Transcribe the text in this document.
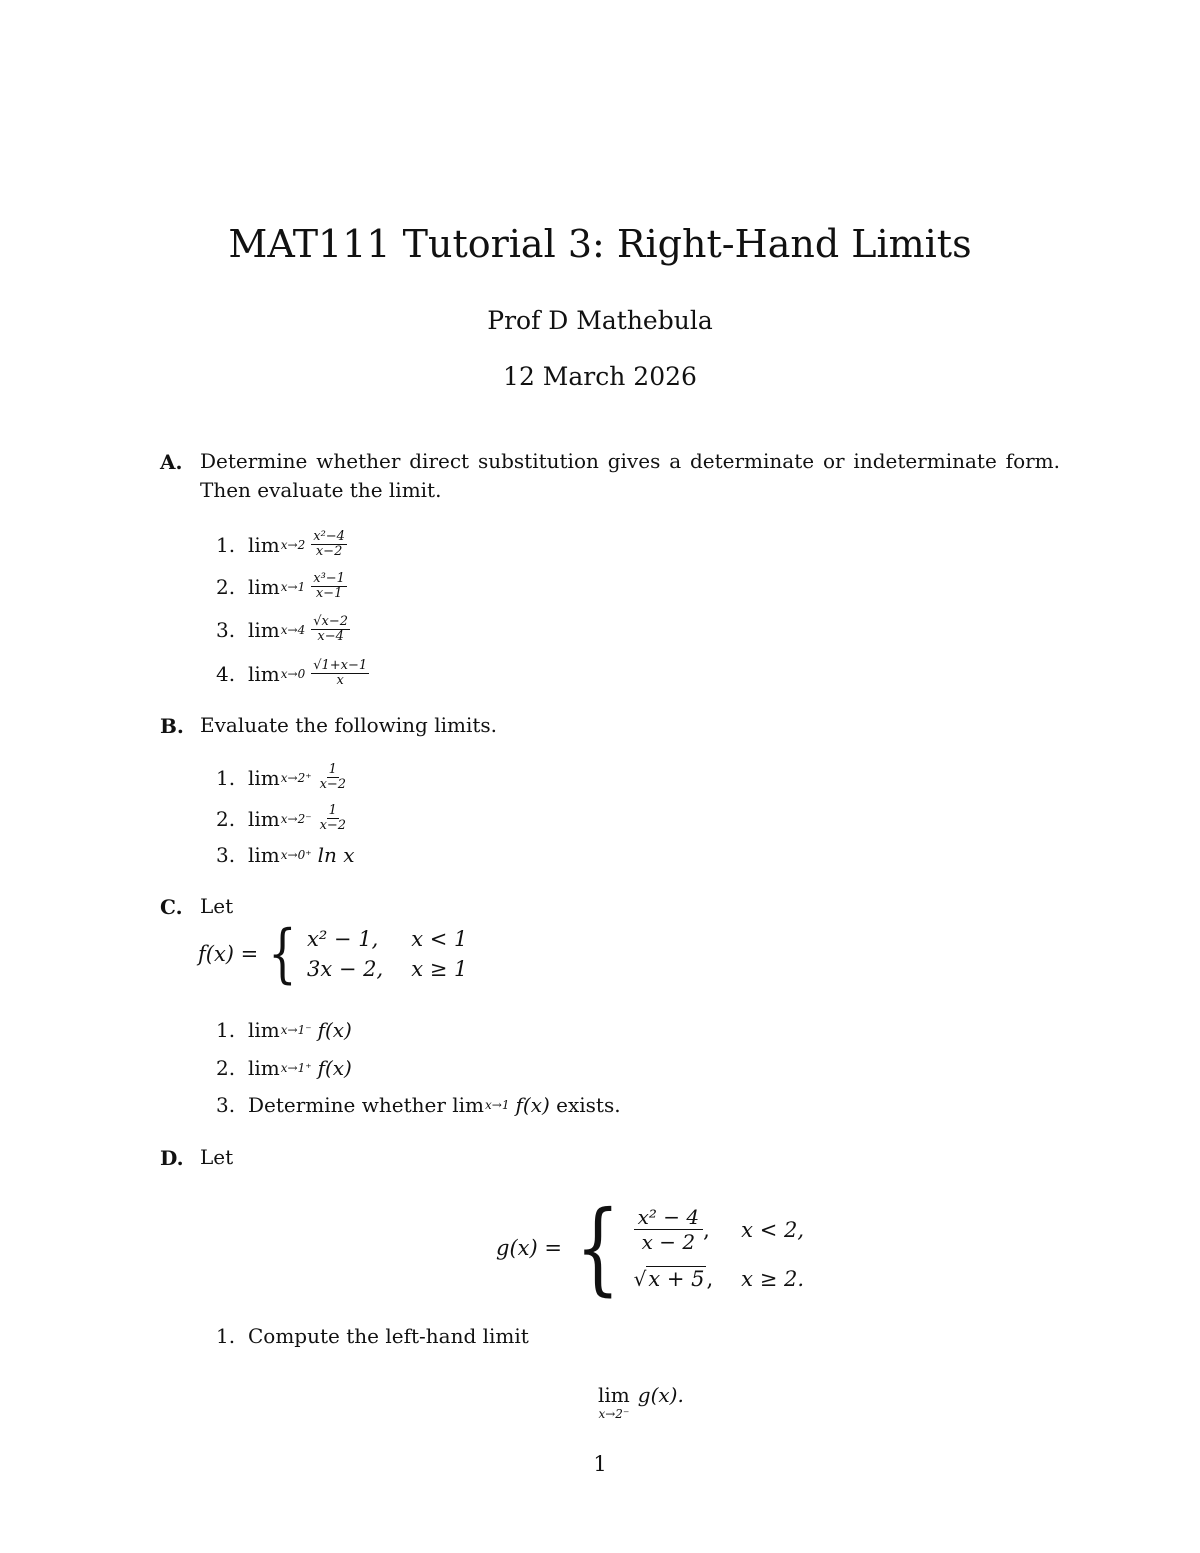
MAT111 Tutorial 3: Right-Hand Limits
Prof D Mathebula
12 March 2026
A. Determine whether direct substitution gives a determinate or indeterminate form. Then evaluate the limit.
1. $\lim x\to 2 \frac{\text{x²−4}}{x-2}$
2. $\lim x\to 1 \frac{\text{x³−1}}{x-1}$
3. $\lim x\to 4 \frac{√x-2}{x-4}$
4. $\lim x\to 0 \frac{√1+x-1}{x}$
B. Evaluate the following limits.
1. $\lim x\to 2^+ \frac{1}{x-2}$
2. $\lim x\to 2^- \frac{1}{x-2}$
3. lim x→0⁺ ln x
C. Let
f(x) = { x² − 1, x < 1
3x − 2, x ≥ 1
1. lim x→1⁻ f(x)
2. lim x→1⁺ f(x)
3. Determine whether lim x→1 f(x) exists.
D. Let
g(x) = { $\frac{\text{x² − 4}}{x - 2}$ , x < 2,
√ x + 5 , x ≥ 2.
1. Compute the left-hand limit
lim
x→2⁻
g(x).
1
